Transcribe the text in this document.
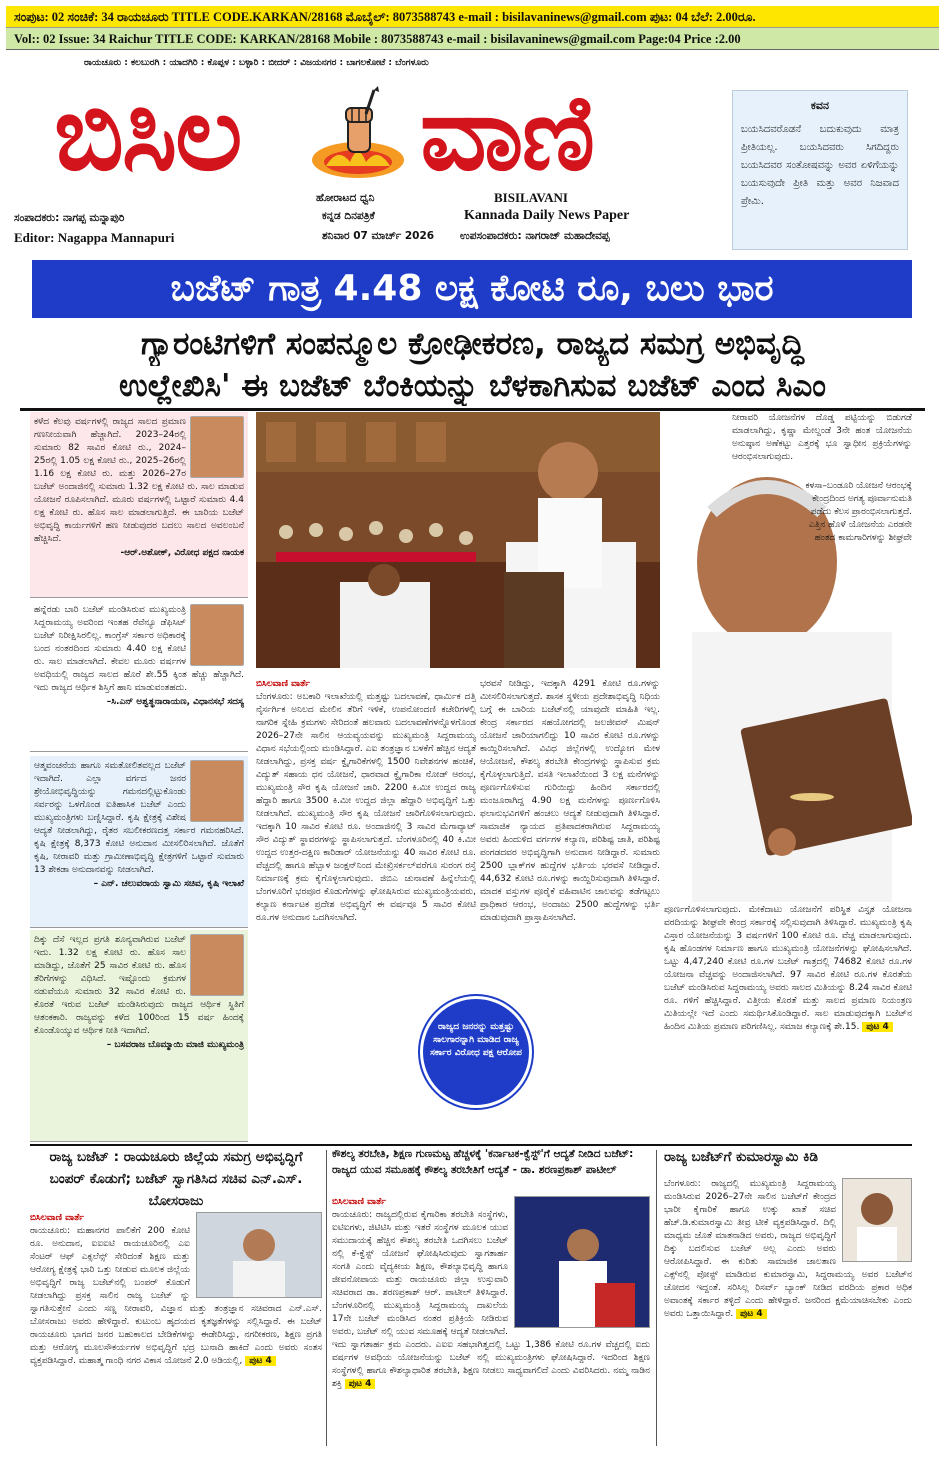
ಸಂಪುಟ: 02 ಸಂಚಿಕೆ: 34 ರಾಯಚೂರು TITLE CODE.KARKAN/28168 ಮೊಬೈಲ್: 8073588743 e-mail : bisilavaninews@gmail.com ಪುಟ: 04 ಬೆಲೆ: 2.00ರೂ.
Vol:: 02 Issue: 34 Raichur TITLE CODE: KARKAN/28168 Mobile : 8073588743 e-mail : bisilavaninews@gmail.com Page:04 Price :2.00
ರಾಯಚೂರು : ಕಲಬುರಗಿ : ಯಾದಗಿರಿ : ಕೊಪ್ಪಳ : ಬಳ್ಳಾರಿ : ಬೀದರ್ : ವಿಜಯನಗರ : ಬಾಗಲಕೋಟೆ : ಬೆಂಗಳೂರು
ಬಿಸಿಲ ವಾಣಿ
ಹೋರಾಟದ ಧ್ವನಿ
ಕನ್ನಡ ದಿನಪತ್ರಿಕೆ
BISILAVANI
Kannada Daily News Paper
ಸಂಪಾದಕರು: ನಾಗಪ್ಪ ಮನ್ನಾಪುರಿ
Editor: Nagappa Mannapuri	ಶನಿವಾರ 07 ಮಾರ್ಚ್ 2026 ಉಪಸಂಪಾದಕರು: ನಾಗರಾಜ್ ಮಹಾದೇವಪ್ಪ
ಕವನ

ಬಯಸಿದವರೊಡನೆ ಬದುಕುವುದು ಮಾತ್ರ ಪ್ರೀತಿಯಲ್ಲ. ಬಯಸಿದವರು ಸಿಗದಿದ್ದರು ಬಯಸಿದವರ ಸಂತೋಷವನ್ನು ಅವರ ಏಳಿಗೆಯನ್ನು ಬಯಸುವುದೇ ಪ್ರೀತಿ ಮತ್ತು ಅವರ ನಿಜವಾದ ಪ್ರೇಮಿ.

ಬಜೆಟ್ ಗಾತ್ರ 4.48 ಲಕ್ಷ ಕೋಟಿ ರೂ, ಬಲು ಭಾರ
ಗ್ಯಾರಂಟಿಗಳಿಗೆ ಸಂಪನ್ಮೂಲ ಕ್ರೋಢೀಕರಣ, ರಾಜ್ಯದ ಸಮಗ್ರ ಅಭಿವೃದ್ಧಿ
ಉಲ್ಲೇಖಿಸಿ' ಈ ಬಜೆಟ್ ಬೆಂಕಿಯನ್ನು ಬೆಳಕಾಗಿಸುವ ಬಜೆಟ್ ಎಂದ ಸಿಎಂ

ಕಳೆದ ಕೆಲವು ವರ್ಷಗಳಲ್ಲಿ ರಾಜ್ಯದ ಸಾಲದ ಪ್ರಮಾಣ ಗಣನೀಯವಾಗಿ ಹೆಚ್ಚಾಗಿದೆ. 2023–24ರಲ್ಲಿ ಸುಮಾರು 82 ಸಾವಿರ ಕೋಟಿ ರು., 2024–25ರಲ್ಲಿ 1.05 ಲಕ್ಷ ಕೋಟಿ ರು., 2025–26ರಲ್ಲಿ 1.16 ಲಕ್ಷ ಕೋಟಿ ರು. ಮತ್ತು 2026–27ರ ಬಜೆಟ್ ಅಂದಾಜಿನಲ್ಲಿ ಸುಮಾರು 1.32 ಲಕ್ಷ ಕೋಟಿ ರು. ಸಾಲ ಮಾಡುವ ಯೋಜನೆ ರೂಪಿಸಲಾಗಿದೆ. ಮೂರು ವರ್ಷಗಳಲ್ಲಿ ಒಟ್ಟಾರೆ ಸುಮಾರು 4.4 ಲಕ್ಷ ಕೋಟಿ ರು. ಹೊಸ ಸಾಲ ಮಾಡಲಾಗುತ್ತಿದೆ. ಈ ಬಾರಿಯ ಬಜೆಟ್ ಅಭಿವೃದ್ಧಿ ಕಾರ್ಯಗಳಿಗೆ ಹಣ ನೀಡುವುದರ ಬದಲು ಸಾಲದ ಅವಲಂಬನೆ ಹೆಚ್ಚಿಸಿದೆ.

-ಆರ್.ಅಶೋಕ್, ವಿರೋಧ ಪಕ್ಷದ ನಾಯಕ

ಹನ್ನೆರಡು ಬಾರಿ ಬಜೆಟ್ ಮಂಡಿಸಿರುವ ಮುಖ್ಯಮಂತ್ರಿ ಸಿದ್ದರಾಮಯ್ಯ ಅವರಿಂದ ಇಂತಹ ರೆವೆನ್ಯೂ ಡೆಫಿಸಿಟ್ ಬಜೆಟ್ ನಿರೀಕ್ಷಿಸಿರಲಿಲ್ಲ. ಕಾಂಗ್ರೆಸ್ ಸರ್ಕಾರ ಅಧಿಕಾರಕ್ಕೆ ಬಂದ ನಂತರದಿಂದ ಸುಮಾರು 4.40 ಲಕ್ಷ ಕೋಟಿ ರು. ಸಾಲ ಮಾಡಲಾಗಿದೆ. ಕೇವಲ ಮೂರು ವರ್ಷಗಳ ಅವಧಿಯಲ್ಲಿ ರಾಜ್ಯದ ಸಾಲದ ಹೊರೆ ಶೇ.55 ಕ್ಕಿಂತ ಹೆಚ್ಚು ಹೆಚ್ಚಾಗಿದೆ. ಇದು ರಾಜ್ಯದ ಆರ್ಥಿಕ ಶಿಸ್ತಿಗೆ ಹಾನಿ ಮಾಡುವಂತಹದು.

–ಸಿ.ಎನ್ ಅಶ್ವತ್ಥನಾರಾಯಣ, ವಿಧಾನಸಭೆ ಸದಸ್ಯ

ಆತ್ಮವಂಚನೆಯ ಹಾಗೂ ಸಮತೋಲಿತವಲ್ಲದ ಬಜೆಟ್ ಇದಾಗಿದೆ. ಎಲ್ಲಾ ವರ್ಗದ ಜನರ ಶ್ರೇಯೋಭಿವೃದ್ಧಿಯನ್ನು ಗಮನದಲ್ಲಿಟ್ಟುಕೊಂಡು ಸರ್ವರನ್ನು ಒಳಗೊಂಡ ಐತಿಹಾಸಿಕ ಬಜೆಟ್ ಎಂದು ಮುಖ್ಯಮಂತ್ರಿಗಳು ಬಣ್ಣಿಸಿದ್ದಾರೆ. ಕೃಷಿ ಕ್ಷೇತ್ರಕ್ಕೆ ವಿಶೇಷ ಆದ್ಯತೆ ನೀಡಲಾಗಿದ್ದು, ರೈತರ ಸಬಲೀಕರಣದತ್ತ ಸರ್ಕಾರ ಗಮನಹರಿಸಿದೆ. ಕೃಷಿ ಕ್ಷೇತ್ರಕ್ಕೆ 8,373 ಕೋಟಿ ಅನುದಾನ ಮೀಸಲಿರಿಸಲಾಗಿದೆ. ಜೊತೆಗೆ ಕೃಷಿ, ನೀರಾವರಿ ಮತ್ತು ಗ್ರಾಮೀಣಾಭಿವೃದ್ಧಿ ಕ್ಷೇತ್ರಗಳಿಗೆ ಒಟ್ಟಾರೆ ಸುಮಾರು 13 ಶೇಕಡಾ ಅನುದಾನವನ್ನು ನೀಡಲಾಗಿದೆ.

– ಎನ್. ಚಲುವರಾಯ ಸ್ವಾಮಿ ಸಚಿವ, ಕೃಷಿ ಇಲಾಖೆ

ದಿಕ್ಕು ದೆಸೆ ಇಲ್ಲದ ಪ್ರಗತಿ ಶೂನ್ಯವಾಗಿರುವ ಬಜೆಟ್ ಇದು. 1.32 ಲಕ್ಷ ಕೋಟಿ ರು. ಹೊಸ ಸಾಲ ಮಾಡಿದ್ದು, ಜೊತೆಗೆ 25 ಸಾವಿರ ಕೋಟಿ ರು. ಹೊಸ ತೆರಿಗೆಗಳನ್ನು ವಿಧಿಸಿದೆ. ಇಷ್ಟೊಂದು ಕ್ರಮಗಳ ನಡುವೆಯೂ ಸುಮಾರು 32 ಸಾವಿರ ಕೋಟಿ ರು. ಕೊರತೆ ಇರುವ ಬಜೆಟ್ ಮಂಡಿಸಿರುವುದು ರಾಜ್ಯದ ಆರ್ಥಿಕ ಸ್ಥಿತಿಗೆ ಆತಂಕಕಾರಿ. ರಾಜ್ಯವನ್ನು ಕಳೆದ 100ರಿಂದ 15 ವರ್ಷ ಹಿಂದಕ್ಕೆ ಕೊಂಡೊಯ್ಯುವ ಆರ್ಥಿಕ ನೀತಿ ಇದಾಗಿದೆ.

– ಬಸವರಾಜ ಬೊಮ್ಮಾಯಿ ಮಾಜಿ ಮುಖ್ಯಮಂತ್ರಿ
ನೀರಾವರಿ ಯೋಜನೆಗಳ ದೊಡ್ಡ ಪಟ್ಟಿಯನ್ನು ಬಿಡುಗಡೆ ಮಾಡಲಾಗಿದ್ದು, ಕೃಷ್ಣಾ ಮೇಲ್ದಂಡೆ 3ನೇ ಹಂತ ಯೋಜನೆಯ ಅನುಷ್ಠಾನ ಅಣೆಕಟ್ಟು ಎತ್ತರಕ್ಕೆ ಭೂ ಸ್ವಾಧೀನ ಪ್ರಕ್ರಿಯೆಗಳನ್ನು ಆರಂಭಿಸಲಾಗುವುದು.
ಕಳಸಾ–ಬಂಡೂರಿ ಯೋಜನೆ ಆರಂಭಕ್ಕೆ ಕೇಂದ್ರದಿಂದ ಅಗತ್ಯ ಪೂರ್ವಾನುಮತಿ ಪಡೆದು ಕೆಲಸ ಪ್ರಾರಂಭಿಸಲಾಗುತ್ತದೆ. ಎತ್ತಿನ ಹೊಳೆ ಯೋಜನೆಯ ಎರಡನೇ ಹಂತದ ಕಾಮಗಾರಿಗಳನ್ನು ಶೀಘ್ರವೇ
ಬಿಸಿಲವಾಣಿ ವಾರ್ತೆ
ಬೆಂಗಳೂರು: ಅಬಕಾರಿ ಇಲಾಖೆಯಲ್ಲಿ ಮತ್ತಷ್ಟು ಬದಲಾವಣೆ, ಧಾರ್ಮಿಕ ದತ್ತಿ ನೈರ್ಸರ್ಗಿಕ ಅನಿಲದ ಮೇಲಿನ ತೆರಿಗೆ ಇಳಿಕೆ, ಉಪನೋಂದಣಿ ಕಚೇರಿಗಳಲ್ಲಿ ನಾಗರಿಕ ಸ್ನೇಹಿ ಕ್ರಮಗಳು ಸೇರಿದಂತೆ ಹಲವಾರು ಬದಲಾವಣೆಗಳನ್ನೊಳಗೊಂಡ 2026–27ನೇ ಸಾಲಿನ ಆಯವ್ಯಯವನ್ನು ಮುಖ್ಯಮಂತ್ರಿ ಸಿದ್ದರಾಮಯ್ಯ ವಿಧಾನ ಸಭೆಯಲ್ಲಿಂದು ಮಂಡಿಸಿದ್ದಾರೆ. ಎಐ ತಂತ್ರಜ್ಞಾನ ಬಳಕೆಗೆ ಹೆಚ್ಚಿನ ಆದ್ಯತೆ ನೀಡಲಾಗಿದ್ದು, ಪ್ರಸಕ್ತ ವರ್ಷ ಕ್ವೈಗಾರಿಕೆಗಳಲ್ಲಿ 1500 ನಿವೇಶನಗಳ ಹಂಚಿಕೆ, ವಿದ್ಯುತ್ ಸಹಾಯ ಧನ ಯೋಜನೆ, ಧಾರವಾಡ ಕ್ವೈಗಾರಿಕಾ ನೋಡ್ ಆರಂಭ, ಮುಖ್ಯಮಂತ್ರಿ ಸೌರ ಕೃಷಿ ಯೋಜನೆ ಜಾರಿ. 2200 ಕಿ.ಮೀ ಉದ್ದದ ರಾಜ್ಯ ಹೆದ್ದಾರಿ ಹಾಗೂ 3500 ಕಿ.ಮೀ ಉದ್ದದ ಜಿಲ್ಲಾ ಹೆದ್ದಾರಿ ಅಭಿವೃದ್ಧಿಗೆ ಒತ್ತು ನೀಡಲಾಗಿದೆ. ಮುಖ್ಯಮಂತ್ರಿ ಸೌರ ಕೃಷಿ ಯೋಜನೆ ಜಾರಿಗೊಳಿಸಲಾಗುವುದು. ಇದಕ್ಕಾಗಿ 10 ಸಾವಿರ ಕೋಟಿ ರೂ. ಅಂದಾಜಿನಲ್ಲಿ 3 ಸಾವಿರ ಮೆಗಾವ್ಯಾಟ್ ಸೌರ ವಿದ್ಯುತ್ ಸ್ಥಾವರಗಳನ್ನು ಸ್ಥಾಪಿಸಲಾಗುತ್ತದೆ. ಬೆಂಗಳೂರಿನಲ್ಲಿ 40 ಕಿ.ಮೀ ಉದ್ದದ ಉತ್ತರ-ದಕ್ಷಿಣ ಕಾರಿಡಾರ್ ಯೋಜನೆಯನ್ನು 40 ಸಾವಿರ ಕೋಟಿ ರೂ. ವೆಚ್ಚದಲ್ಲಿ ಹಾಗೂ ಹೆಬ್ಬಾಳ ಜಂಕ್ಷನ್‌ನಿಂದ ಮೇಖ್ರಿಸರ್ಕಲ್‌ವರೆಗೂ ಸುರಂಗ ರಸ್ತೆ ನಿರ್ಮಾಣಕ್ಕೆ ಕ್ರಮ ಕೈಗೊಳ್ಳಲಾಗುವುದು. ಜಿಬಿಎ ಚುನಾವಣೆ ಹಿನ್ನೆಲೆಯಲ್ಲಿ ಬೆಂಗಳೂರಿಗೆ ಭರಪೂರ ಕೊಡುಗೆಗಳನ್ನು ಘೋಷಿಸಿರುವ ಮುಖ್ಯಮಂತ್ರಿಯವರು, ಕಲ್ಯಾಣ ಕರ್ನಾಟಕ ಪ್ರದೇಶ ಅಭಿವೃದ್ಧಿಗೆ ಈ ವರ್ಷವೂ 5 ಸಾವಿರ ಕೋಟಿ ರೂ.ಗಳ ಅನುದಾನ ಒದಗಿಸಲಾಗಿದೆ.
ಭರವಸೆ ನೀಡಿದ್ದು, ಇದಕ್ಕಾಗಿ 4291 ಕೋಟಿ ರೂ.ಗಳನ್ನು ಮೀಸಲಿರಿಸಲಾಗುತ್ತದೆ. ಶಾಸಕ ಸ್ಥಳೀಯ ಪ್ರದೇಶಾಭಿವೃದ್ಧಿ ನಿಧಿಯ ಬಗ್ಗೆ ಈ ಬಾರಿಯ ಬಜೆಟ್‌ನಲ್ಲಿ ಯಾವುದೇ ಮಾಹಿತಿ ಇಲ್ಲ. ಕೇಂದ್ರ ಸರ್ಕಾರದ ಸಹಯೋಗದಲ್ಲಿ ಜಲಜೀವನ್ ಮಿಷನ್ ಯೋಜನೆ ಜಾರಿಯಾಗಲಿದ್ದು 10 ಸಾವಿರ ಕೋಟಿ ರೂ.ಗಳನ್ನು ಕಾಯ್ದಿರಿಸಲಾಗಿದೆ. ವಿವಿಧ ಜಿಲ್ಲೆಗಳಲ್ಲಿ ಉದ್ಯೋಗ ಮೇಳ ಆಯೋಜನೆ, ಕೌಶಲ್ಯ ತರಬೇತಿ ಕೇಂದ್ರಗಳನ್ನು ಸ್ಥಾಪಿಸುವ ಕ್ರಮ ಕೈಗೊಳ್ಳಲಾಗುತ್ತಿದೆ. ವಸತಿ ಇಲಾಖೆಯಿಂದ 3 ಲಕ್ಷ ಮನೆಗಳನ್ನು ಪೂರ್ಣಗೊಳಿಸುವ ಗುರಿಯಿದ್ದು ಹಿಂದಿನ ಸರ್ಕಾರದಲ್ಲಿ ಮಂಜೂರಾಗಿದ್ದ 4.90 ಲಕ್ಷ ಮನೆಗಳನ್ನು ಪೂರ್ಣಗೊಳಿಸಿ ಫಲಾನುಭವಿಗಳಿಗೆ ಹಂಚಲು ಆದ್ಯತೆ ನೀಡುವುದಾಗಿ ತಿಳಿಸಿದ್ದಾರೆ. ಸಾಮಾಜಿಕ ನ್ಯಾಯದ ಪ್ರತಿಪಾದಕರಾಗಿರುವ ಸಿದ್ದರಾಮಯ್ಯ ಅವರು ಹಿಂದುಳಿದ ವರ್ಗಗಳ ಕಲ್ಯಾಣ, ಪರಿಶಿಷ್ಟ ಜಾತಿ, ಪರಿಶಿಷ್ಟ ಪಂಗಡದವರ ಅಭಿವೃದ್ಧಿಗಾಗಿ ಅನುದಾನ ನೀಡಿದ್ದಾರೆ. ಸುಮಾರು 2500 ಬ್ಲಾಕ್‌ಗಳ ಹುದ್ದೆಗಳ ಭರ್ತಿಯ ಭರವಸೆ ನೀಡಿದ್ದಾರೆ. 44,632 ಕೋಟಿ ರೂ.ಗಳನ್ನು ಕಾಯ್ದಿರಿಸುವುದಾಗಿ ತಿಳಿಸಿದ್ದಾರೆ. ಮಾದಕ ವಸ್ತುಗಳ ಪೂರೈಕೆ ವಹಿವಾಟಿನ ಜಾಲವನ್ನು ತಡೆಗಟ್ಟಲು ಪ್ರಾಧಿಕಾರ ಆರಂಭ, ಅಂದಾಜು 2500 ಹುದ್ದೆಗಳನ್ನು ಭರ್ತಿ ಮಾಡುವುದಾಗಿ ಪ್ರಾಸ್ತಾಪಿಸಲಾಗಿದೆ.
ಪೂರ್ಣಗೊಳಿಸಲಾಗುವುದು. ಮೇಕೆದಾಟು ಯೋಜನೆಗೆ ಪರಿಸ್ಥಿತ ವಿಸ್ತೃತ ಯೋಜನಾ ವರದಿಯನ್ನು ಶೀಘ್ರವೇ ಕೇಂದ್ರ ಸರ್ಕಾರಕ್ಕೆ ಸಲ್ಲಿಸುವುದಾಗಿ ತಿಳಿಸಿದ್ದಾರೆ. ಮುಖ್ಯಮಂತ್ರಿ ಕೃಷಿ ವಿಸ್ತಾರ ಯೋಜನೆಯನ್ನು 3 ವರ್ಷಗಳಿಗೆ 100 ಕೋಟಿ ರೂ. ವೆಚ್ಚ ಮಾಡಲಾಗುವುದು. ಕೃಷಿ ಹೊಂಡಗಳ ನಿರ್ಮಾಣ ಹಾಗೂ ಮುಖ್ಯಮಂತ್ರಿ ಯೋಜನೆಗಳನ್ನು ಘೋಷಿಸಲಾಗಿದೆ. ಒಟ್ಟು 4,47,240 ಕೋಟಿ ರೂ.ಗಳ ಬಜೆಟ್ ಗಾತ್ರದಲ್ಲಿ 74682 ಕೋಟಿ ರೂ.ಗಳ ಯೋಜನಾ ವೆಚ್ಚವನ್ನು ಅಂದಾಜಿಸಲಾಗಿದೆ. 97 ಸಾವಿರ ಕೋಟಿ ರೂ.ಗಳ ಕೊರತೆಯ ಬಜೆಟ್ ಮಂಡಿಸಿರುವ ಸಿದ್ದರಾಮಯ್ಯ ಅವರು ಸಾಲದ ಮಿತಿಯನ್ನು 8.24 ಸಾವಿರ ಕೋಟಿ ರೂ. ಗಳಿಗೆ ಹೆಚ್ಚಿಸಿದ್ದಾರೆ. ವಿತ್ತೀಯ ಕೊರತೆ ಮತ್ತು ಸಾಲದ ಪ್ರಮಾಣ ನಿಯಂತ್ರಣ ಮಿತಿಯಲ್ಲೇ ಇದೆ ಎಂದು ಸಮರ್ಥಿಸಿಕೊಂಡಿದ್ದಾರೆ. ಸಾಲ ಮಾಡುವುದಕ್ಕಾಗಿ ಬಜೆಟ್‌ನ ಹಿಂದಿನ ಮಿತಿಯ ಪ್ರಮಾಣ ಪರಿಗಣಿಸಿಲ್ಲ. ಸಮಾಜ ಕಲ್ಯಾಣಕ್ಕೆ ಶೇ.15. ಪುಟ 4
ರಾಜ್ಯದ ಜನರನ್ನು ಮತ್ತಷ್ಟು ಸಾಲಗಾರನ್ನಾಗಿ ಮಾಡಿದ ರಾಜ್ಯ ಸರ್ಕಾರ ವಿರೋಧ ಪಕ್ಷ ಆರೋಪ
ರಾಜ್ಯ ಬಜೆಟ್ : ರಾಯಚೂರು ಜಿಲ್ಲೆಯ ಸಮಗ್ರ ಅಭಿವೃದ್ಧಿಗೆ ಬಂಪರ್ ಕೊಡುಗೆ; ಬಜೆಟ್ ಸ್ವಾಗತಿಸಿದ ಸಚಿವ ಎನ್.ಎಸ್. ಬೋಸರಾಜು
ಬಿಸಿಲವಾಣಿ ವಾರ್ತೆ
ರಾಯಚೂರು: ಮಹಾನಗರ ಪಾಲಿಕೆಗೆ 200 ಕೋಟಿ ರೂ. ಅನುದಾನ, ಐಐಐಟಿ ರಾಯಚೂರಿನಲ್ಲಿ ಎಐ ಸೆಂಟರ್ ಆಫ್ ಎಕ್ಸಲೆನ್ಸ್ ಸೇರಿದಂತೆ ಶಿಕ್ಷಣ ಮತ್ತು ಆರೋಗ್ಯ ಕ್ಷೇತ್ರಕ್ಕೆ ಭಾರಿ ಒತ್ತು ನೀಡುವ ಮೂಲಕ ಜಿಲ್ಲೆಯ ಅಭಿವೃದ್ಧಿಗೆ ರಾಜ್ಯ ಬಜೆಟ್‌ನಲ್ಲಿ ಬಂಪರ್ ಕೊಡುಗೆ ನೀಡಲಾಗಿದ್ದು ಪ್ರಸಕ್ತ ಸಾಲಿನ ರಾಜ್ಯ ಬಜೆಟ್ ನ್ನು ಸ್ವಾಗತಿಸುತ್ತೇನೆ ಎಂದು ಸಣ್ಣ ನೀರಾವರಿ, ವಿಜ್ಞಾನ ಮತ್ತು ತಂತ್ರಜ್ಞಾನ ಸಚಿವರಾದ ಎನ್.ಎಸ್. ಬೋಸರಾಜು ಅವರು ಹೇಳಿದ್ದಾರೆ. ಕುಟುಂಬ ಹೃದಯದ ಕೃತಜ್ಞತೆಗಳನ್ನು ಸಲ್ಲಿಸಿದ್ದಾರೆ. ಈ ಬಜೆಟ್ ರಾಯಚೂರು ಭಾಗದ ಜನರ ಬಹುಕಾಲದ ಬೇಡಿಕೆಗಳನ್ನು ಈಡೇರಿಸಿದ್ದು, ನಗರೀಕರಣ, ಶಿಕ್ಷಣ ಪ್ರಗತಿ ಮತ್ತು ಆರೋಗ್ಯ ಮೂಲಸೌಕರ್ಯಗಳ ಅಭಿವೃದ್ಧಿಗೆ ಭದ್ರ ಬುನಾದಿ ಹಾಕಿದೆ ಎಂದು ಅವರು ಸಂತಸ ವ್ಯಕ್ತಪಡಿಸಿದ್ದಾರೆ. ಮಹಾತ್ಮ ಗಾಂಧಿ ನಗರ ವಿಕಾಸ ಯೋಜನೆ 2.0 ಅಡಿಯಲ್ಲಿ, ಪುಟ 4
ಕೌಶಲ್ಯ ತರಬೇತಿ, ಶಿಕ್ಷಣ ಗುಣಮಟ್ಟ ಹೆಚ್ಚಳಕ್ಕೆ 'ಕರ್ನಾಟಕ-ಕ್ವೆಸ್ಟ್'ಗೆ ಆದ್ಯತೆ ನೀಡಿದ ಬಜೆಟ್: ರಾಜ್ಯದ ಯುವ ಸಮೂಹಕ್ಕೆ ಕೌಶಲ್ಯ ತರಬೇತಿಗೆ ಆದ್ಯತೆ - ಡಾ. ಶರಣಪ್ರಕಾಶ್ ಪಾಟೀಲ್
ಬಿಸಿಲವಾಣಿ ವಾರ್ತೆ
ರಾಯಚೂರು: ರಾಜ್ಯದಲ್ಲಿರುವ ಕೈಗಾರಿಕಾ ತರಬೇತಿ ಸಂಸ್ಥೆಗಳು, ಐಟಿಐಗಳು, ಜಿಟಿಟಿಸಿ ಮತ್ತು ಇತರೆ ಸಂಸ್ಥೆಗಳ ಮೂಲಕ ಯುವ ಸಮುದಾಯಕ್ಕೆ ಹೆಚ್ಚಿನ ಕೌಶಲ್ಯ ತರಬೇತಿ ಒದಗಿಸಲು ಬಜೆಟ್ ನಲ್ಲಿ ಕೆ-ಕ್ವೆಸ್ಟ್ ಯೋಜನೆ ಘೋಷಿಸಿರುವುದು ಸ್ವಾಗತಾರ್ಹ ಸಂಗತಿ ಎಂದು ವೈದ್ಯಕೀಯ ಶಿಕ್ಷಣ, ಕೌಶಲ್ಯಾಭಿವೃದ್ಧಿ ಹಾಗೂ ಜೀವನೋಪಾಯ ಮತ್ತು ರಾಯಚೂರು ಜಿಲ್ಲಾ ಉಸ್ತುವಾರಿ ಸಚಿವರಾದ ಡಾ. ಶರಣಪ್ರಕಾಶ್ ಆರ್. ಪಾಟೀಲ್ ತಿಳಿಸಿದ್ದಾರೆ. ಬೆಂಗಳೂರಿನಲ್ಲಿ ಮುಖ್ಯಮಂತ್ರಿ ಸಿದ್ದರಾಮಯ್ಯ ದಾಖಲೆಯ 17ನೇ ಬಜೆಟ್ ಮಂಡಿಸಿದ ನಂತರ ಪ್ರತಿಕ್ರಿಯೆ ನೀಡಿರುವ ಅವರು, ಬಜೆಟ್ ನಲ್ಲಿ ಯುವ ಸಮೂಹಕ್ಕೆ ಆದ್ಯತೆ ನೀಡಲಾಗಿದೆ. ಇದು ಸ್ವಾಗತಾರ್ಹ ಕ್ರಮ ಎಂದರು. ಎಐಐ ಸಹಭಾಗಿತ್ವದಲ್ಲಿ ಒಟ್ಟು 1,386 ಕೋಟಿ ರೂ.ಗಳ ವೆಚ್ಚದಲ್ಲಿ ಐದು ವರ್ಷಗಳ ಅವಧಿಯ ಯೋಜನೆಯನ್ನು ಬಜೆಟ್ ನಲ್ಲಿ ಮುಖ್ಯಮಂತ್ರಿಗಳು ಘೋಷಿಸಿದ್ದಾರೆ. ಇದರಿಂದ ಶಿಕ್ಷಣ ಸಂಸ್ಥೆಗಳಲ್ಲಿ ಹಾಗೂ ಕೌಶಲ್ಯಾಧಾರಿತ ತರಬೇತಿ, ಶಿಕ್ಷಣ ನೀಡಲು ಸಾಧ್ಯವಾಗಲಿದೆ ಎಂದು ವಿವರಿಸಿದರು. ನಮ್ಮ ನಾಡಿನ ಶಕ್ತಿ ಪುಟ 4
ರಾಜ್ಯ ಬಜೆಟ್‌ಗೆ ಕುಮಾರಸ್ವಾಮಿ ಕಿಡಿ
ಬೆಂಗಳೂರು: ರಾಜ್ಯದಲ್ಲಿ ಮುಖ್ಯಮಂತ್ರಿ ಸಿದ್ದರಾಮಯ್ಯ ಮಂಡಿಸಿರುವ 2026–27ನೇ ಸಾಲಿನ ಬಜೆಟ್‌ಗೆ ಕೇಂದ್ರದ ಭಾರೀ ಕೈಗಾರಿಕೆ ಹಾಗೂ ಉಕ್ಕು ಖಾತೆ ಸಚಿವ ಹೆಚ್.ಡಿ.ಕುಮಾರಸ್ವಾಮಿ ತೀವ್ರ ಟೀಕೆ ವ್ಯಕ್ತಪಡಿಸಿದ್ದಾರೆ. ದಿಲ್ಲಿ ಮಾಧ್ಯಮ ಜೊತೆ ಮಾತನಾಡಿದ ಅವರು, ರಾಜ್ಯದ ಅಭಿವೃದ್ಧಿಗೆ ದಿಕ್ಕು ಬದಲಿಸುವ ಬಜೆಟ್ ಅಲ್ಲ ಎಂದು ಅವರು ಆರೋಪಿಸಿದ್ದಾರೆ. ಈ ಕುರಿತು ಸಾಮಾಜಿಕ ಜಾಲತಾಣ ಎಕ್ಸ್‌ನಲ್ಲಿ ಪೋಸ್ಟ್ ಮಾಡಿರುವ ಕುಮಾರಸ್ವಾಮಿ, ಸಿದ್ದರಾಮಯ್ಯ ಅವರ ಬಜೆಟ್‌ನ ಚೋದನ ಇದ್ದಂತೆ. ಸರಿಸಿಲ್ಲ ರಿಸರ್ವ್ ಬ್ಯಾಂಕ್ ನೀಡಿದ ವರದಿಯ ಪ್ರಕಾರ ಅಧಿಕ ಅವಾಂತಕ್ಕೆ ಸರ್ಕಾರ ತಳ್ಳಿದೆ ಎಂದು ಹೇಳಿದ್ದಾರೆ. ಜನರಿಂದ ಕ್ಷಮೆಯಾಚಿಸಬೇಕು ಎಂದು ಅವರು ಒತ್ತಾಯಿಸಿದ್ದಾರೆ. ಪುಟ 4
